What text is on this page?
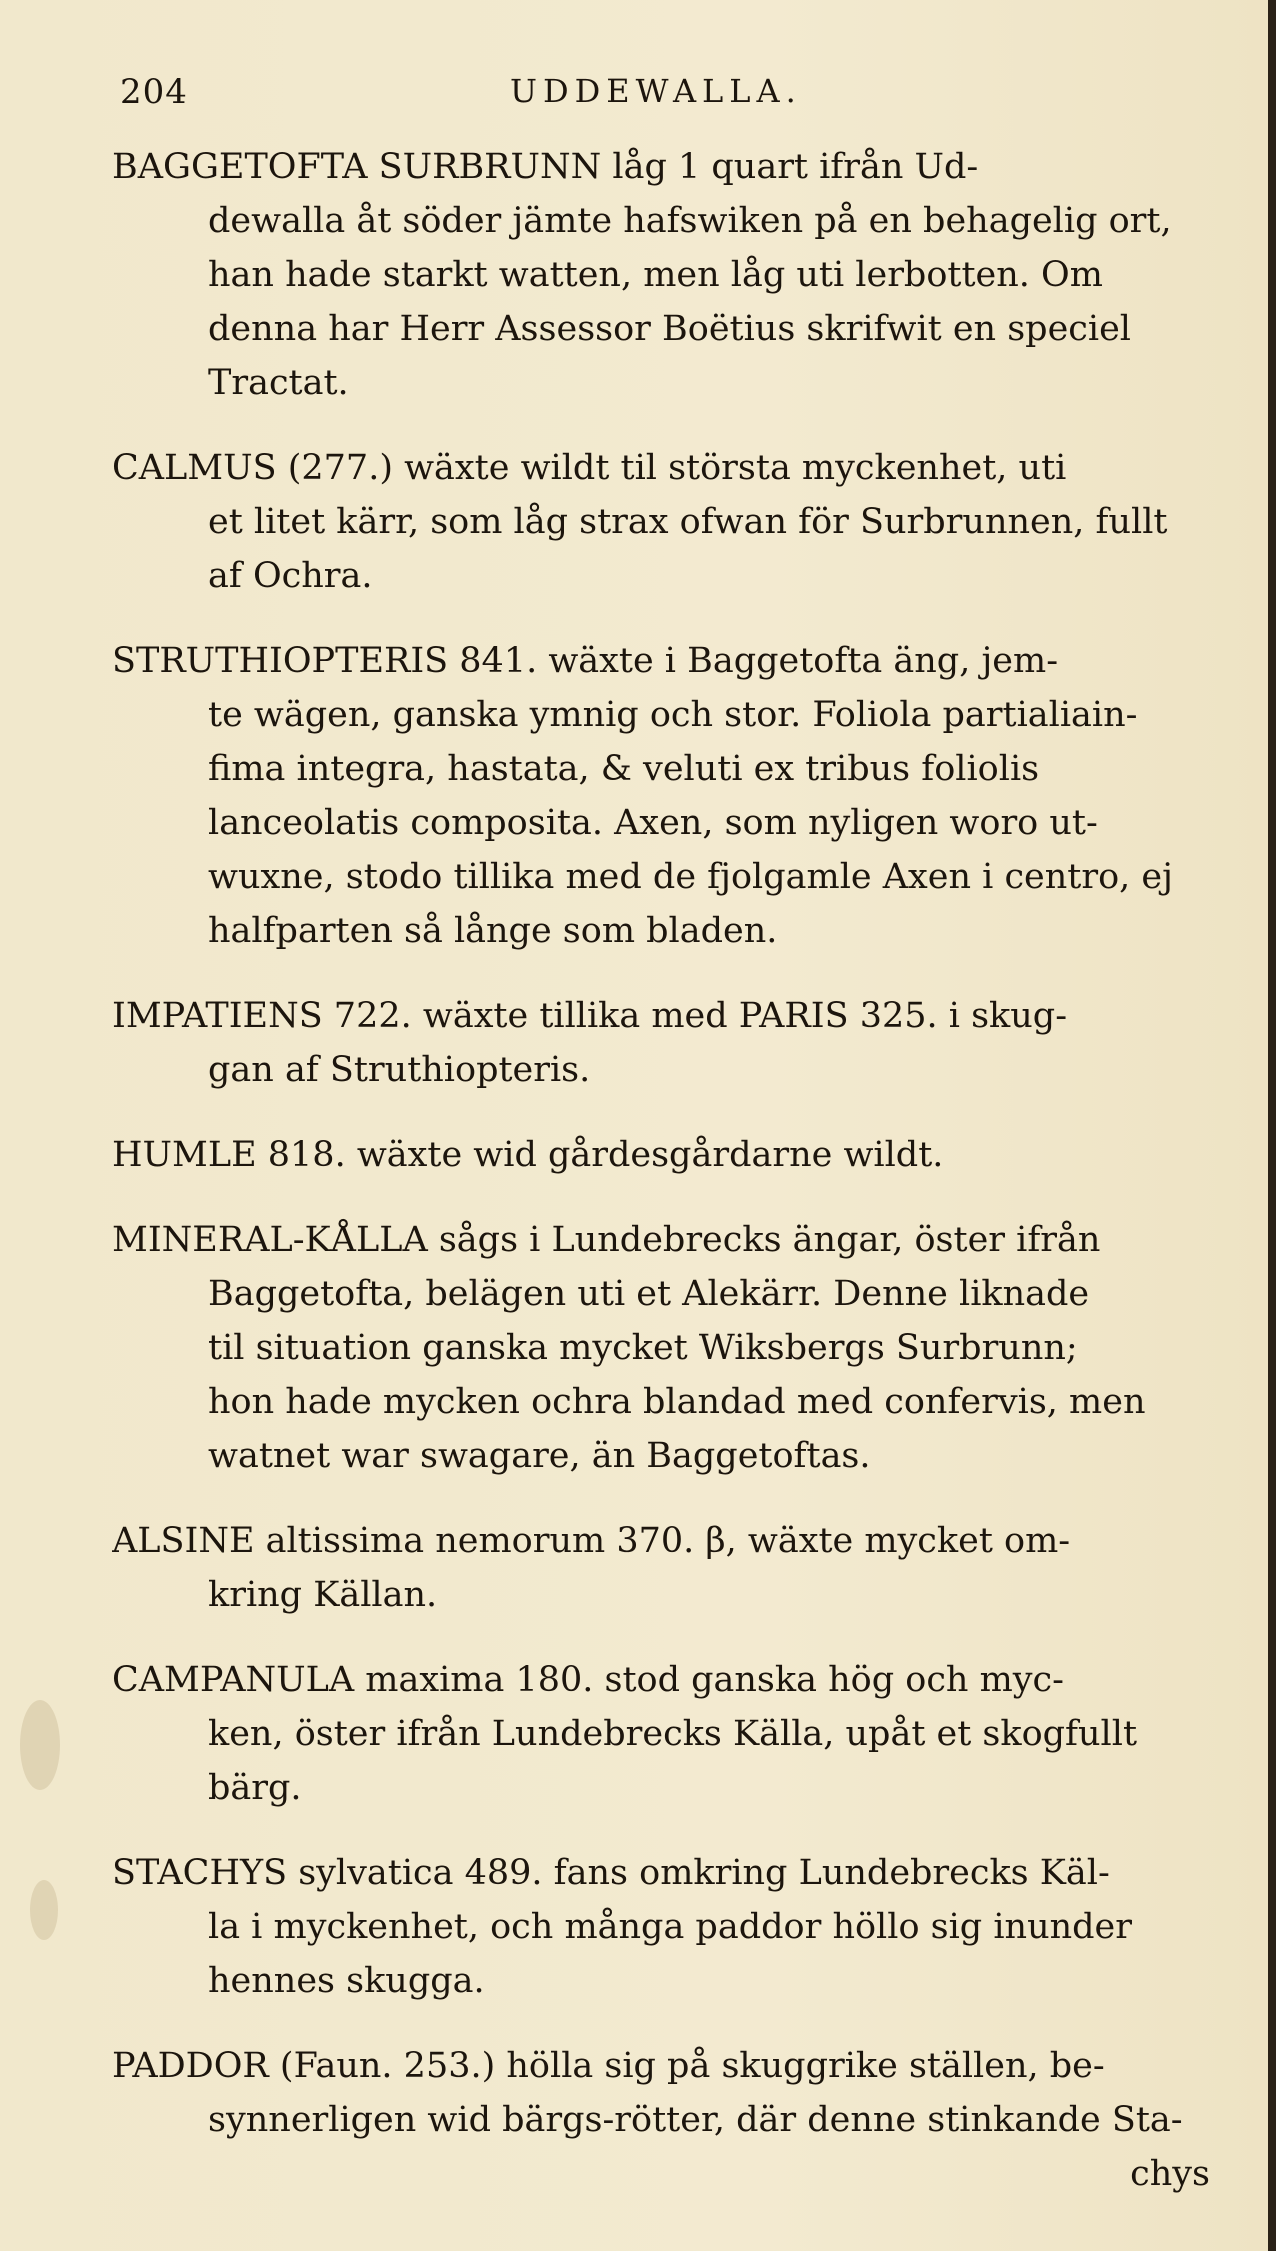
204	UDDEWALLA.
BAGGETOFTA SURBRUNN låg 1 quart ifrån Ud-
dewalla åt söder jämte hafswiken på en behagelig ort,
han hade starkt watten, men låg uti lerbotten. Om
denna har Herr Assessor Boëtius skrifwit en speciel
Tractat.
CALMUS (277.) wäxte wildt til största myckenhet, uti
et litet kärr, som låg strax ofwan för Surbrunnen, fullt
af Ochra.
STRUTHIOPTERIS 841. wäxte i Baggetofta äng, jem-
te wägen, ganska ymnig och stor. Foliola partialiain-
fima integra, hastata, & veluti ex tribus foliolis
lanceolatis composita. Axen, som nyligen woro ut-
wuxne, stodo tillika med de fjolgamle Axen i centro, ej
halfparten så långe som bladen.
IMPATIENS 722. wäxte tillika med PARIS 325. i skug-
gan af Struthiopteris.
HUMLE 818. wäxte wid gårdesgårdarne wildt.
MINERAL-KÅLLA sågs i Lundebrecks ängar, öster ifrån
Baggetofta, belägen uti et Alekärr. Denne liknade
til situation ganska mycket Wiksbergs Surbrunn;
hon hade mycken ochra blandad med confervis, men
watnet war swagare, än Baggetoftas.
ALSINE altissima nemorum 370. β, wäxte mycket om-
kring Källan.
CAMPANULA maxima 180. stod ganska hög och myc-
ken, öster ifrån Lundebrecks Källa, upåt et skogfullt
bärg.
STACHYS sylvatica 489. fans omkring Lundebrecks Käl-
la i myckenhet, och många paddor höllo sig inunder
hennes skugga.
PADDOR (Faun. 253.) hölla sig på skuggrike ställen, be-
synnerligen wid bärgs-rötter, där denne stinkande Sta-
chys
